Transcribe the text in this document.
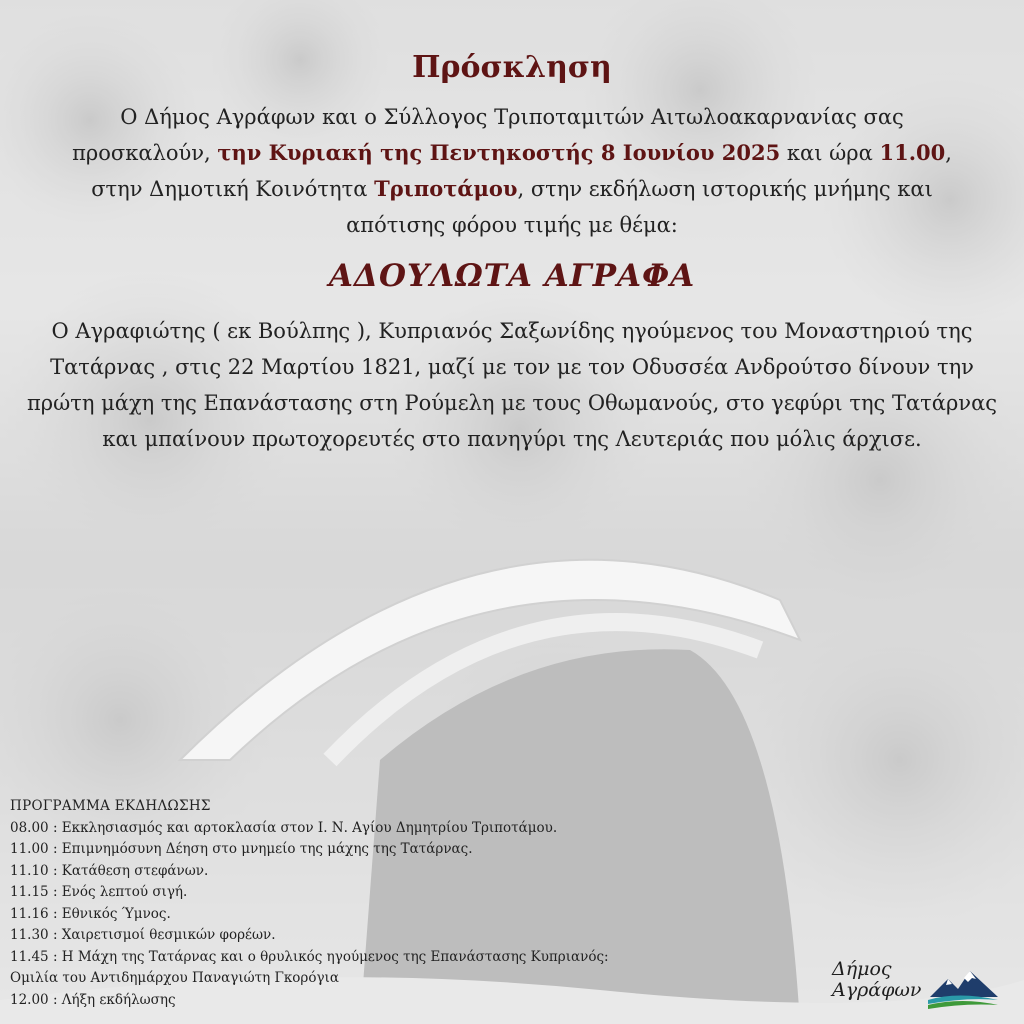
Πρόσκληση
Ο Δήμος Αγράφων και ο Σύλλογος Τριποταμιτών Αιτωλοακαρνανίας σας προσκαλούν, την Κυριακή της Πεντηκοστής 8 Ιουνίου 2025 και ώρα 11.00, στην Δημοτική Κοινότητα Τριποτάμου, στην εκδήλωση ιστορικής μνήμης και απότισης φόρου τιμής με θέμα:
ΑΔΟΥΛΩΤΑ ΑΓΡΑΦΑ
Ο Αγραφιώτης ( εκ Βούλπης ), Κυπριανός Σαξωνίδης ηγούμενος του Μοναστηριού της Τατάρνας , στις 22 Μαρτίου 1821, μαζί με τον με τον Οδυσσέα Ανδρούτσο δίνουν την πρώτη μάχη της Επανάστασης στη Ρούμελη με τους Οθωμανούς, στο γεφύρι της Τατάρνας και μπαίνουν πρωτοχορευτές στο πανηγύρι της Λευτεριάς που μόλις άρχισε.
ΠΡΟΓΡΑΜΜΑ ΕΚΔΗΛΩΣΗΣ
08.00 : Εκκλησιασμός και αρτοκλασία στον Ι. Ν. Αγίου Δημητρίου Τριποτάμου.
11.00 : Επιμνημόσυνη Δέηση στο μνημείο της μάχης της Τατάρνας.
11.10 : Κατάθεση στεφάνων.
11.15 : Ενός λεπτού σιγή.
11.16 : Εθνικός Ύμνος.
11.30 : Χαιρετισμοί θεσμικών φορέων.
11.45 : Η Μάχη της Τατάρνας και ο θρυλικός ηγούμενος της Επανάστασης Κυπριανός:
Ομιλία του Αντιδημάρχου Παναγιώτη Γκορόγια
12.00 : Λήξη εκδήλωσης
Δήμος
Αγράφων
